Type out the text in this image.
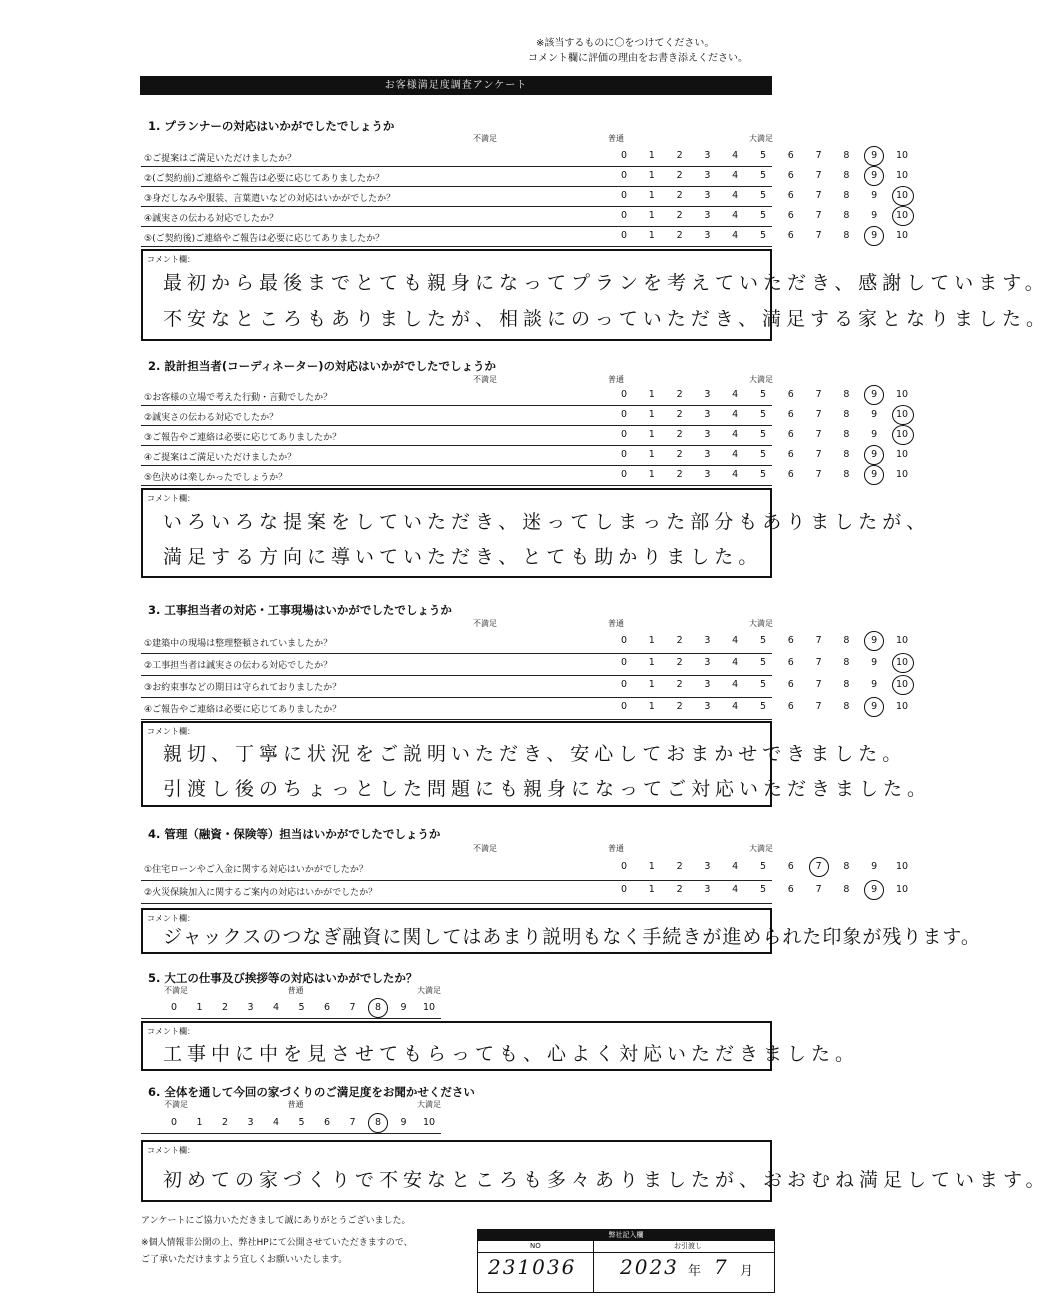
※該当するものに〇をつけてください。
コメント欄に評価の理由をお書き添えください。
お客様満足度調査アンケート
1. プランナーの対応はいかがでしたでしょうか
不満足	普通	大満足
①ご提案はご満足いただけましたか？	0	1	2	3	4	5	6	7	8	9	10
②(ご契約前)ご連絡やご報告は必要に応じてありましたか？	0	1	2	3	4	5	6	7	8	9	10
③身だしなみや服装、言葉遣いなどの対応はいかがでしたか？	0	1	2	3	4	5	6	7	8	9	10
④誠実さの伝わる対応でしたか？	0	1	2	3	4	5	6	7	8	9	10
⑤(ご契約後)ご連絡やご報告は必要に応じてありましたか？	0	1	2	3	4	5	6	7	8	9	10
コメント欄：
最初から最後までとても親身になってプランを考えていただき、感謝しています。
不安なところもありましたが、相談にのっていただき、満足する家となりました。
2. 設計担当者(コーディネーター)の対応はいかがでしたでしょうか
不満足	普通	大満足
①お客様の立場で考えた行動・言動でしたか？	0	1	2	3	4	5	6	7	8	9	10
②誠実さの伝わる対応でしたか？	0	1	2	3	4	5	6	7	8	9	10
③ご報告やご連絡は必要に応じてありましたか？	0	1	2	3	4	5	6	7	8	9	10
④ご提案はご満足いただけましたか？	0	1	2	3	4	5	6	7	8	9	10
⑤色決めは楽しかったでしょうか？	0	1	2	3	4	5	6	7	8	9	10
コメント欄：
いろいろな提案をしていただき、迷ってしまった部分もありましたが、
満足する方向に導いていただき、とても助かりました。
3. 工事担当者の対応・工事現場はいかがでしたでしょうか
不満足	普通	大満足
①建築中の現場は整理整頓されていましたか？	0	1	2	3	4	5	6	7	8	9	10
②工事担当者は誠実さの伝わる対応でしたか？	0	1	2	3	4	5	6	7	8	9	10
③お約束事などの期日は守られておりましたか？	0	1	2	3	4	5	6	7	8	9	10
④ご報告やご連絡は必要に応じてありましたか？	0	1	2	3	4	5	6	7	8	9	10
コメント欄：
親切、丁寧に状況をご説明いただき、安心しておまかせできました。
引渡し後のちょっとした問題にも親身になってご対応いただきました。
4. 管理（融資・保険等）担当はいかがでしたでしょうか
不満足	普通	大満足
①住宅ローンやご入金に関する対応はいかがでしたか？	0	1	2	3	4	5	6	7	8	9	10
②火災保険加入に関するご案内の対応はいかがでしたか？	0	1	2	3	4	5	6	7	8	9	10
コメント欄：
ジャックスのつなぎ融資に関してはあまり説明もなく手続きが進められた印象が残ります。
5. 大工の仕事及び挨拶等の対応はいかがでしたか？
不満足	普通	大満足
0	1	2	3	4	5	6	7	8	9	10
コメント欄：
工事中に中を見させてもらっても、心よく対応いただきました。
6. 全体を通して今回の家づくりのご満足度をお聞かせください
不満足	普通	大満足
0	1	2	3	4	5	6	7	8	9	10
コメント欄：
初めての家づくりで不安なところも多々ありましたが、おおむね満足しています。
アンケートにご協力いただきまして誠にありがとうございました。
※個人情報非公開の上、弊社HPにて公開させていただきますので、
ご了承いただけますよう宜しくお願いいたします。
弊社記入欄
NO	お引渡し
231036 2023 年 7 月
